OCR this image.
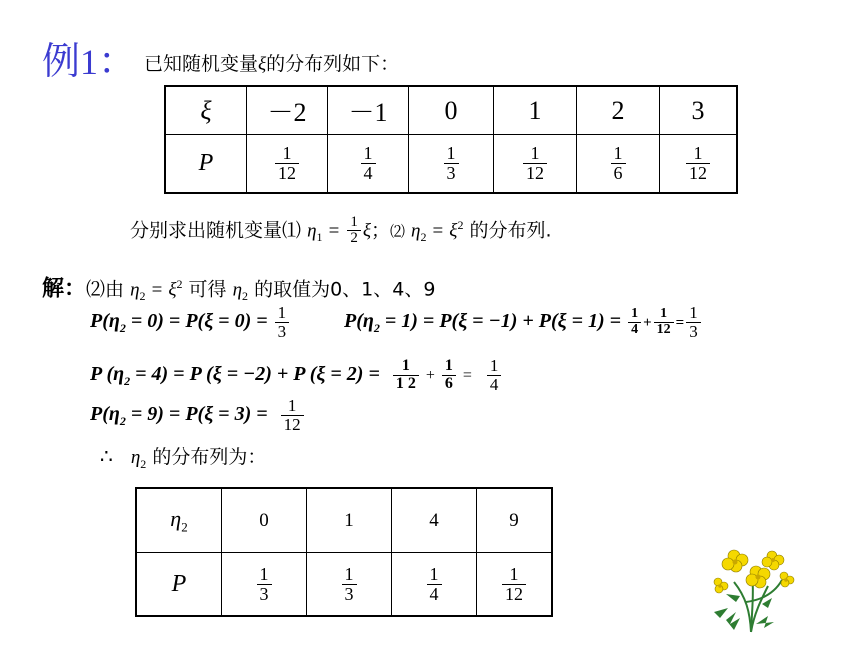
例1： 已知随机变量ξ的分布列如下：
ξ	－2	－1	0	1	2	3
P	$\frac{1}{12}$	$\frac{1}{4}$	$\frac{1}{3}$	$\frac{1}{12}$	$\frac{1}{6}$	$\frac{1}{12}$
分别求出随机变量⑴ $\eta_1 = \frac{1}{2}$ ξ；⑵ $\eta_2 = \xi^2$ 的分布列.
解：⑵由 $\eta_2 = \xi^2$ 可得 $\eta_2$ 的取值为0、1、4、9
$P(\eta_2 = 0) = P(\xi = 0) = \frac{1}{3}$	$P(\eta_2 = 1) = P(\xi = -1) + P(\xi = 1) = \frac{1}{4} + \frac{1}{12} = \frac{1}{3}$
P $(\eta_2 = 4) = P$ (ξ = −2) + P $(\xi = 2) = \frac{1}{1 2} + \frac{1}{6} = \frac{1}{4}$
$P(\eta_2 = 9) = P(\xi = 3) = \frac{1}{12}$
∴ $\eta_2$ 的分布列为：
$\eta_2$	0	1	4	9
P	$\frac{1}{3}$	$\frac{1}{3}$	$\frac{1}{4}$	$\frac{1}{12}$
